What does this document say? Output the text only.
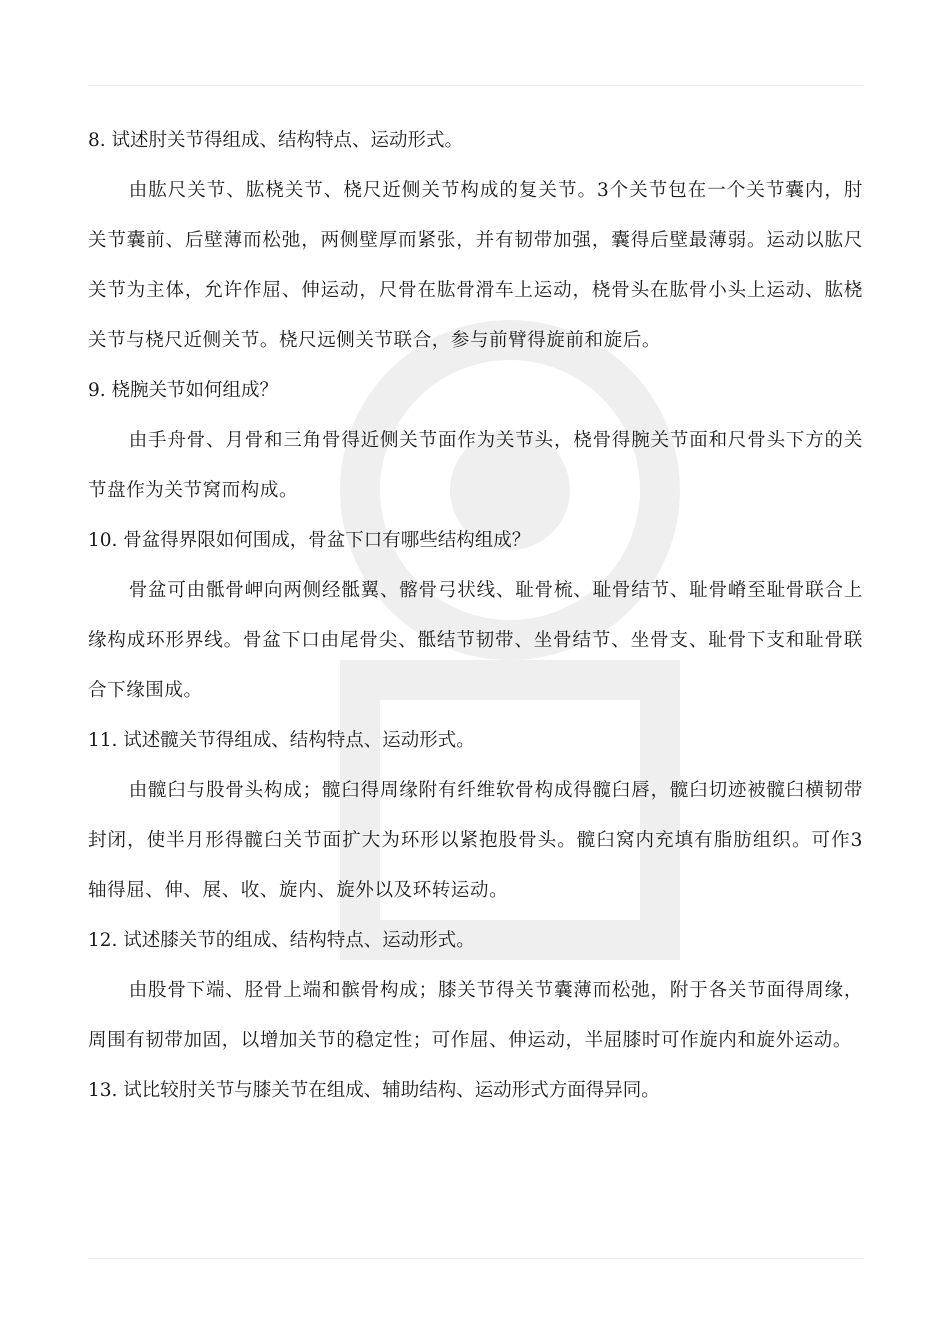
8. 试述肘关节得组成、结构特点、运动形式。
由肱尺关节、肱桡关节、桡尺近侧关节构成的复关节。3个关节包在一个关节囊内，肘关节囊前、后壁薄而松弛，两侧壁厚而紧张，并有韧带加强，囊得后壁最薄弱。运动以肱尺关节为主体，允许作屈、伸运动，尺骨在肱骨滑车上运动，桡骨头在肱骨小头上运动、肱桡关节与桡尺近侧关节。桡尺远侧关节联合，参与前臂得旋前和旋后。
9. 桡腕关节如何组成？
由手舟骨、月骨和三角骨得近侧关节面作为关节头，桡骨得腕关节面和尺骨头下方的关节盘作为关节窝而构成。
10. 骨盆得界限如何围成，骨盆下口有哪些结构组成？
骨盆可由骶骨岬向两侧经骶翼、髂骨弓状线、耻骨梳、耻骨结节、耻骨嵴至耻骨联合上缘构成环形界线。骨盆下口由尾骨尖、骶结节韧带、坐骨结节、坐骨支、耻骨下支和耻骨联合下缘围成。
11. 试述髋关节得组成、结构特点、运动形式。
由髋臼与股骨头构成；髋臼得周缘附有纤维软骨构成得髋臼唇，髋臼切迹被髋臼横韧带封闭，使半月形得髋臼关节面扩大为环形以紧抱股骨头。髋臼窝内充填有脂肪组织。可作3轴得屈、伸、展、收、旋内、旋外以及环转运动。
12. 试述膝关节的组成、结构特点、运动形式。
由股骨下端、胫骨上端和髌骨构成；膝关节得关节囊薄而松弛，附于各关节面得周缘，周围有韧带加固，以增加关节的稳定性；可作屈、伸运动，半屈膝时可作旋内和旋外运动。
13. 试比较肘关节与膝关节在组成、辅助结构、运动形式方面得异同。
